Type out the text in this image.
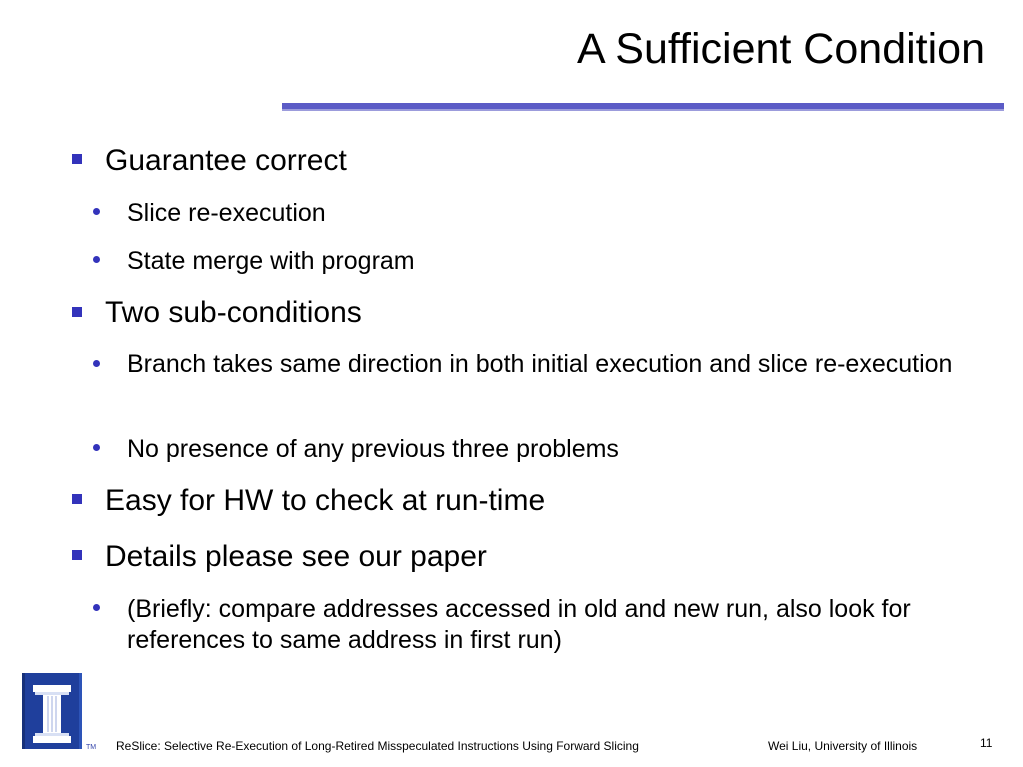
A Sufficient Condition
Guarantee correct
Slice re-execution
State merge with program
Two sub-conditions
Branch takes same direction in both initial execution and slice re-execution
No presence of any previous three problems
Easy for HW to check at run-time
Details please see our paper
(Briefly: compare addresses accessed in old and new run, also look for references to same address in first run)
TM ReSlice: Selective Re-Execution of Long-Retired Misspeculated Instructions Using Forward Slicing	Wei Liu, University of Illinois	11
